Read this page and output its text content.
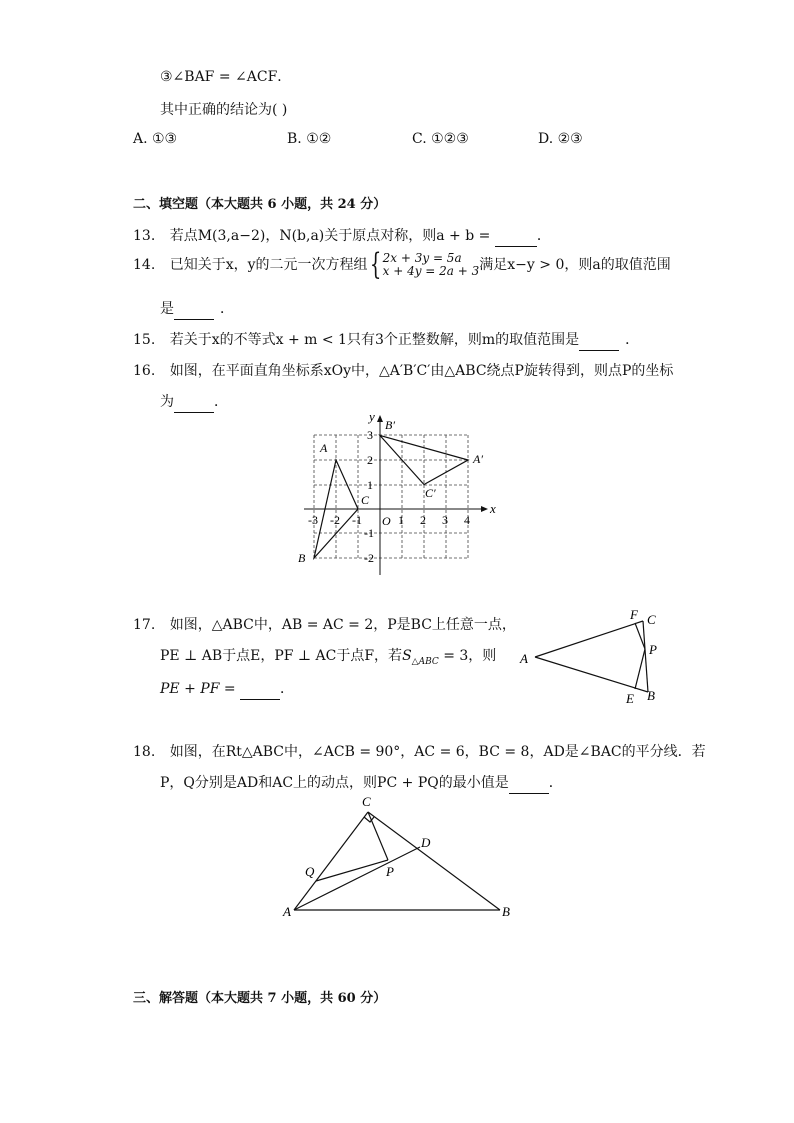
③∠BAF = ∠ACF．
其中正确的结论为( )
A. ①③	B. ①②	C. ①②③	D. ②③
二、填空题（本大题共 6 小题，共 24 分）
13. 若点M(3,a−2)，N(b,a)关于原点对称，则a + b =	．
14. 已知关于x，y的二元一次方程组 { 2x + 3y = 5a
x + 4y = 2a + 3 满足x−y > 0，则a的取值范围
是	．
15. 若关于x的不等式x + m < 1只有3个正整数解，则m的取值范围是	．
16. 如图，在平面直角坐标系xOy中，△A′B′C′由△ABC绕点P旋转得到，则点P的坐标
为	．
x
y
O
-3 -2 -1	1 2 3 4
3
2
1
-1
-2
A
B
C
A′
B′
C′
17. 如图，△ABC中，AB = AC = 2，P是BC上任意一点，
PE ⊥ AB于点E，PF ⊥ AC于点F，若$S_{\triangle ABC} = 3$，则
PE + PF =	．
A
B
C
E
F
P
18. 如图，在Rt△ABC中，∠ACB = 90°，AC = 6，BC = 8，AD是∠BAC的平分线．若
P，Q分别是AD和AC上的动点，则PC + PQ的最小值是	．
C
A	B
D
P
Q
三、解答题（本大题共 7 小题，共 60 分）
